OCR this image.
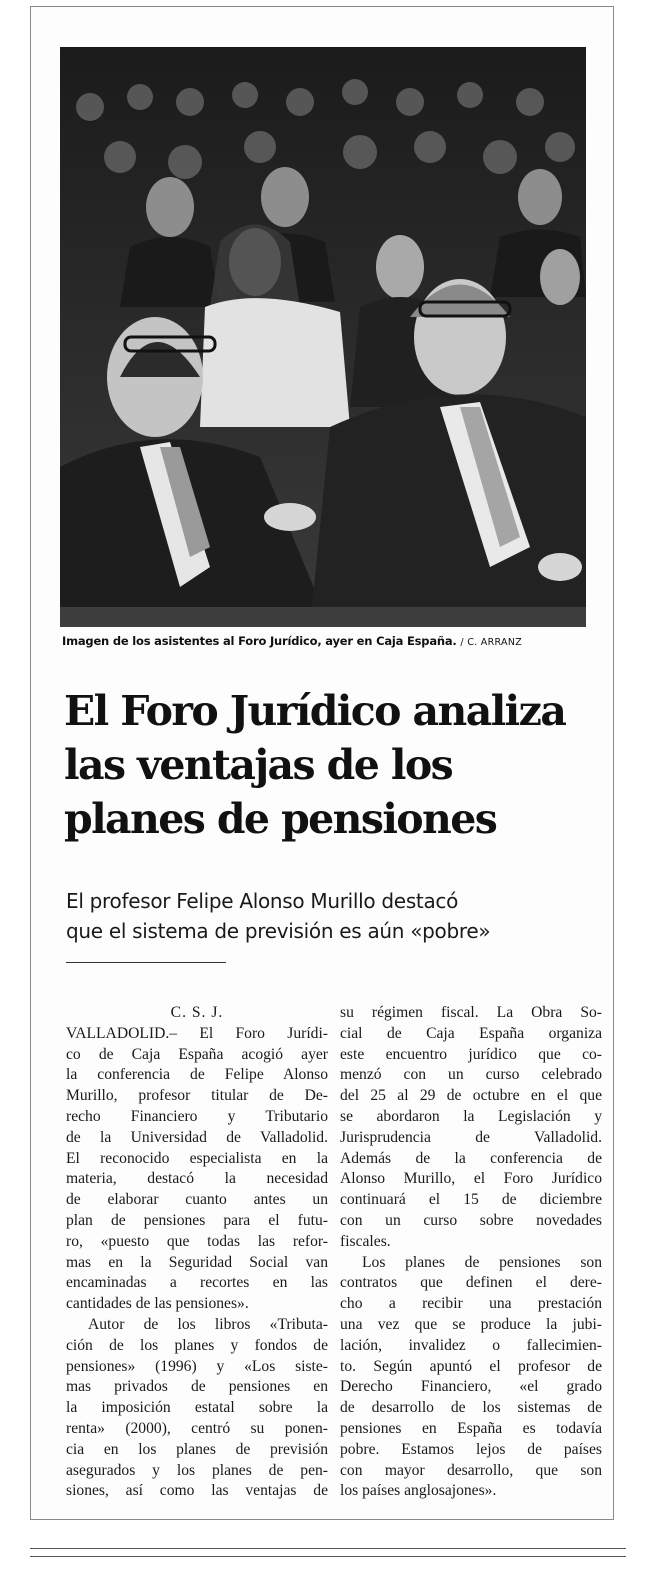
Imagen de los asistentes al Foro Jurídico, ayer en Caja España. / C. ARRANZ
El Foro Jurídico analiza
las ventajas de los
planes de pensiones
El profesor Felipe Alonso Murillo destacó
que el sistema de previsión es aún «pobre»
C. S. J.
VALLADOLID.– El Foro Jurídi-
co de Caja España acogió ayer
la conferencia de Felipe Alonso
Murillo, profesor titular de De-
recho Financiero y Tributario
de la Universidad de Valladolid.
El reconocido especialista en la
materia, destacó la necesidad
de elaborar cuanto antes un
plan de pensiones para el futu-
ro, «puesto que todas las refor-
mas en la Seguridad Social van
encaminadas a recortes en las
cantidades de las pensiones».
Autor de los libros «Tributa-
ción de los planes y fondos de
pensiones» (1996) y «Los siste-
mas privados de pensiones en
la imposición estatal sobre la
renta» (2000), centró su ponen-
cia en los planes de previsión
asegurados y los planes de pen-
siones, así como las ventajas de
su régimen fiscal. La Obra So-
cial de Caja España organiza
este encuentro jurídico que co-
menzó con un curso celebrado
del 25 al 29 de octubre en el que
se abordaron la Legislación y
Jurisprudencia de Valladolid.
Además de la conferencia de
Alonso Murillo, el Foro Jurídico
continuará el 15 de diciembre
con un curso sobre novedades
fiscales.
Los planes de pensiones son
contratos que definen el dere-
cho a recibir una prestación
una vez que se produce la jubi-
lación, invalidez o fallecimien-
to. Según apuntó el profesor de
Derecho Financiero, «el grado
de desarrollo de los sistemas de
pensiones en España es todavía
pobre. Estamos lejos de países
con mayor desarrollo, que son
los países anglosajones».
